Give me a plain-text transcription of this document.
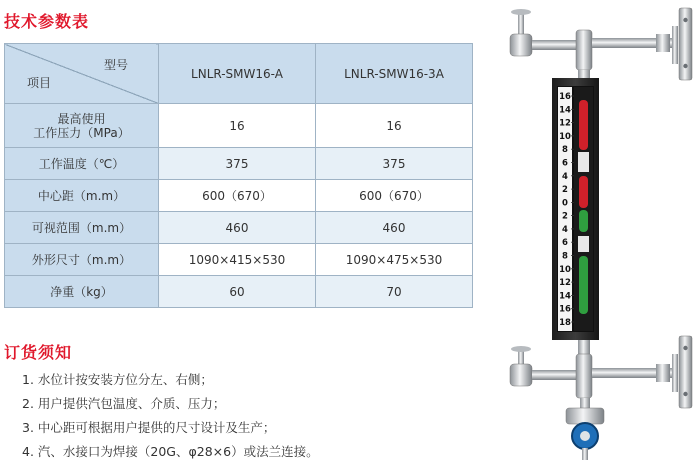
技术参数表
型号
项目	LNLR-SMW16-A	LNLR-SMW16-3A

最高使用
工作压力（MPa）	16	16
工作温度（℃）	375	375
中心距（m.m）	600（670）	600（670）
可视范围（m.m）	460	460
外形尺寸（m.m）	1090×415×530	1090×475×530
净重（kg）	60	70
订货须知
1. 水位计按安装方位分左、右侧；
2. 用户提供汽包温度、介质、压力；
3. 中心距可根据用户提供的尺寸设计及生产；
4. 汽、水接口为焊接（20G、φ28×6）或法兰连接。
16
14
12
10
8
6
4
2
0
2
4
6
8
10
12
14
16
18
